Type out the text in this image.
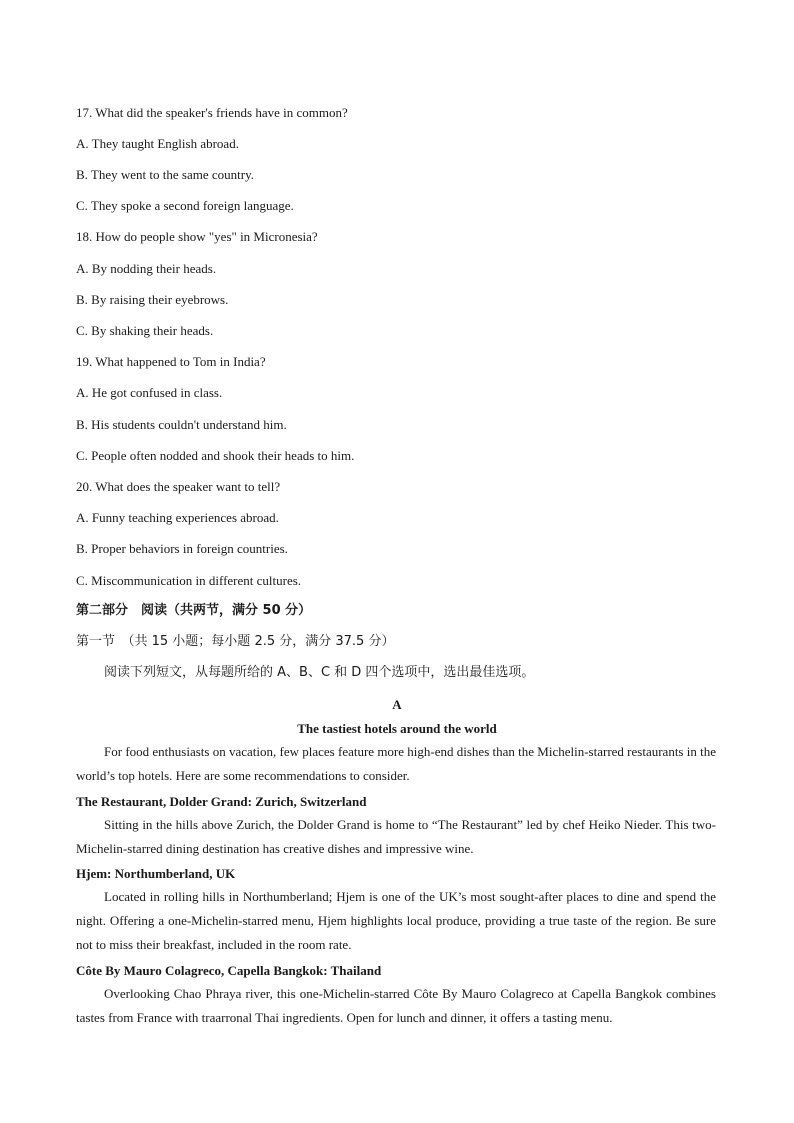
17. What did the speaker's friends have in common?
A. They taught English abroad.
B. They went to the same country.
C. They spoke a second foreign language.
18. How do people show "yes" in Micronesia?
A. By nodding their heads.
B. By raising their eyebrows.
C. By shaking their heads.
19. What happened to Tom in India?
A. He got confused in class.
B. His students couldn't understand him.
C. People often nodded and shook their heads to him.
20. What does the speaker want to tell?
A. Funny teaching experiences abroad.
B. Proper behaviors in foreign countries.
C. Miscommunication in different cultures.
第二部分　阅读（共两节，满分 50 分）
第一节　（共 15 小题；每小题 2.5 分，满分 37.5 分）
阅读下列短文，从每题所给的 A、B、C 和 D 四个选项中，选出最佳选项。
A
The tastiest hotels around the world
For food enthusiasts on vacation, few places feature more high-end dishes than the Michelin-starred restaurants in the world’s top hotels. Here are some recommendations to consider.
The Restaurant, Dolder Grand: Zurich, Switzerland
Sitting in the hills above Zurich, the Dolder Grand is home to “The Restaurant” led by chef Heiko Nieder. This two-Michelin-starred dining destination has creative dishes and impressive wine.
Hjem: Northumberland, UK
Located in rolling hills in Northumberland; Hjem is one of the UK’s most sought-after places to dine and spend the night. Offering a one-Michelin-starred menu, Hjem highlights local produce, providing a true taste of the region. Be sure not to miss their breakfast, included in the room rate.
Côte By Mauro Colagreco, Capella Bangkok: Thailand
Overlooking Chao Phraya river, this one-Michelin-starred Côte By Mauro Colagreco at Capella Bangkok combines tastes from France with traarronal Thai ingredients. Open for lunch and dinner, it offers a tasting menu.
